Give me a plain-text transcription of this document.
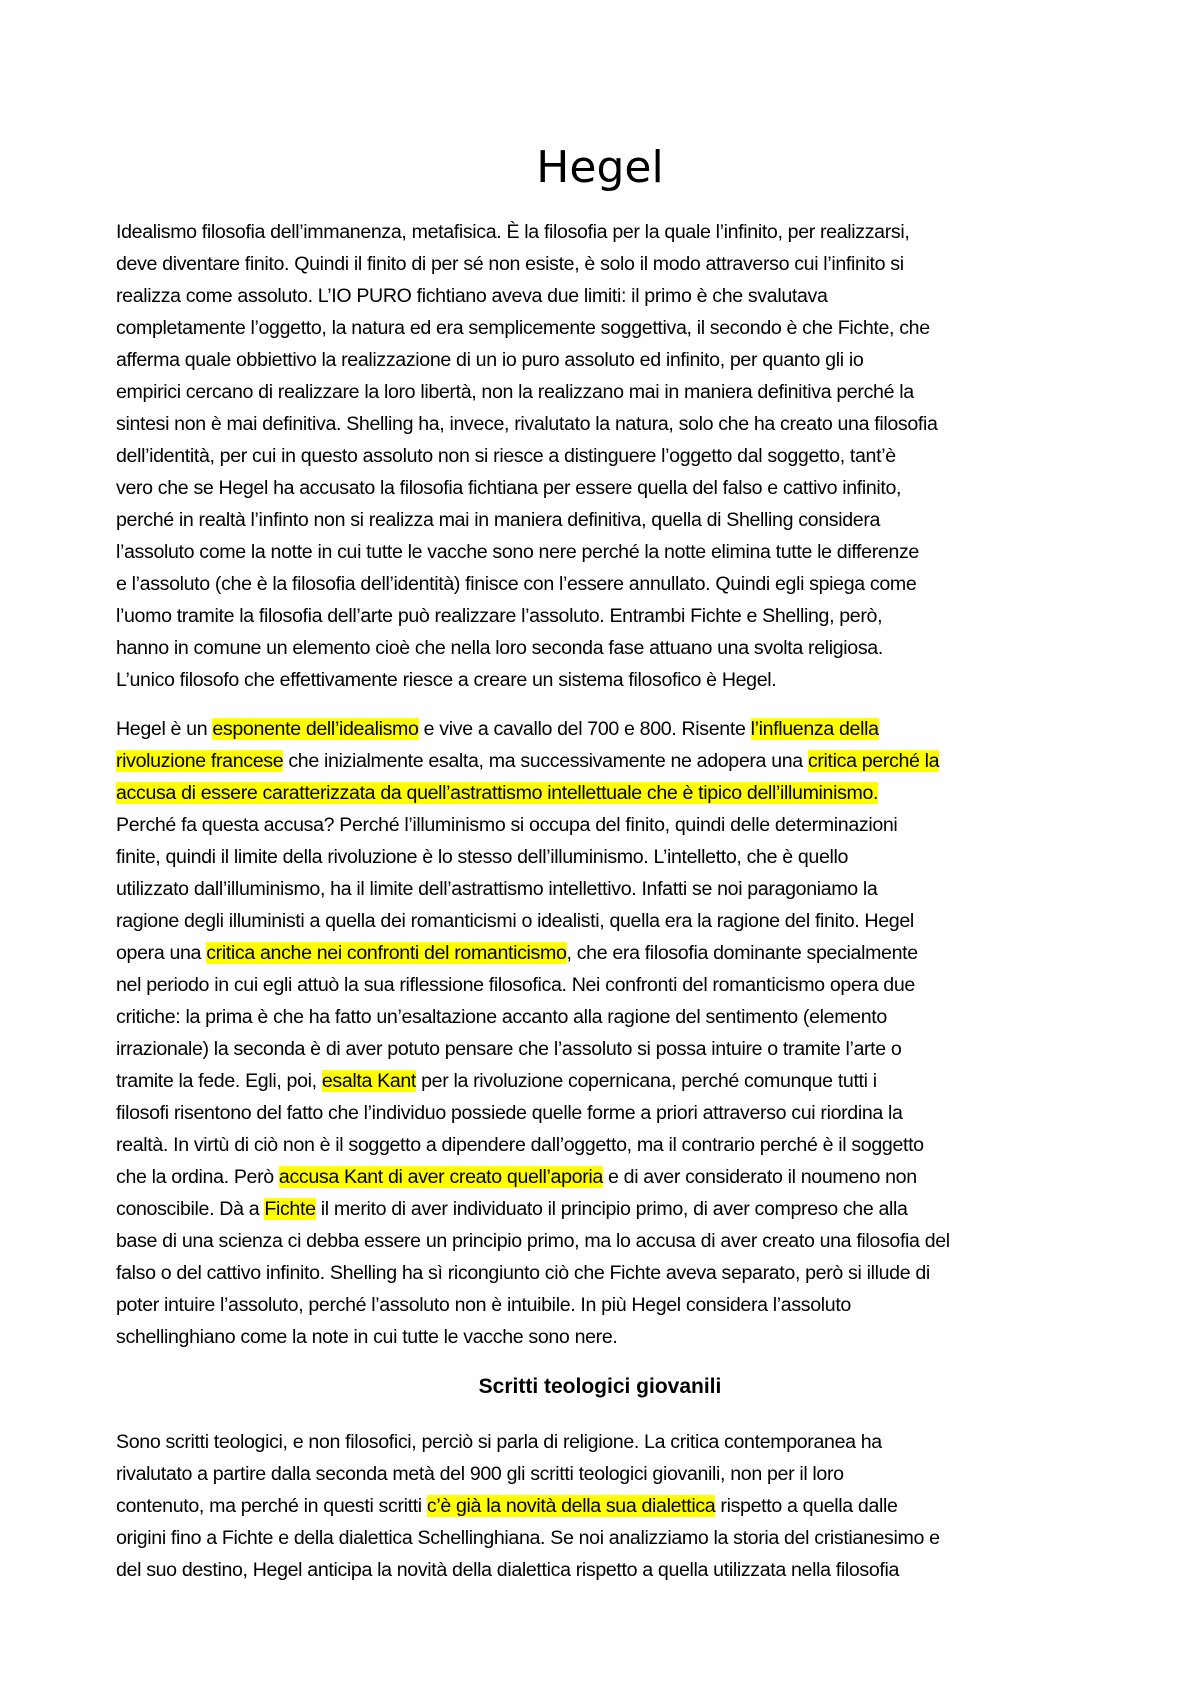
Hegel
Idealismo filosofia dell’immanenza, metafisica. È la filosofia per la quale l’infinito, per realizzarsi,
deve diventare finito. Quindi il finito di per sé non esiste, è solo il modo attraverso cui l’infinito si
realizza come assoluto. L’IO PURO fichtiano aveva due limiti: il primo è che svalutava
completamente l’oggetto, la natura ed era semplicemente soggettiva, il secondo è che Fichte, che
afferma quale obbiettivo la realizzazione di un io puro assoluto ed infinito, per quanto gli io
empirici cercano di realizzare la loro libertà, non la realizzano mai in maniera definitiva perché la
sintesi non è mai definitiva. Shelling ha, invece, rivalutato la natura, solo che ha creato una filosofia
dell’identità, per cui in questo assoluto non si riesce a distinguere l’oggetto dal soggetto, tant’è
vero che se Hegel ha accusato la filosofia fichtiana per essere quella del falso e cattivo infinito,
perché in realtà l’infinto non si realizza mai in maniera definitiva, quella di Shelling considera
l’assoluto come la notte in cui tutte le vacche sono nere perché la notte elimina tutte le differenze
e l’assoluto (che è la filosofia dell’identità) finisce con l’essere annullato. Quindi egli spiega come
l’uomo tramite la filosofia dell’arte può realizzare l’assoluto. Entrambi Fichte e Shelling, però,
hanno in comune un elemento cioè che nella loro seconda fase attuano una svolta religiosa.
L’unico filosofo che effettivamente riesce a creare un sistema filosofico è Hegel.
Hegel è un esponente dell’idealismo e vive a cavallo del 700 e 800. Risente l’influenza della
rivoluzione francese che inizialmente esalta, ma successivamente ne adopera una critica perché la
accusa di essere caratterizzata da quell’astrattismo intellettuale che è tipico dell’illuminismo.
Perché fa questa accusa? Perché l’illuminismo si occupa del finito, quindi delle determinazioni
finite, quindi il limite della rivoluzione è lo stesso dell’illuminismo. L’intelletto, che è quello
utilizzato dall’illuminismo, ha il limite dell’astrattismo intellettivo. Infatti se noi paragoniamo la
ragione degli illuministi a quella dei romanticismi o idealisti, quella era la ragione del finito. Hegel
opera una critica anche nei confronti del romanticismo, che era filosofia dominante specialmente
nel periodo in cui egli attuò la sua riflessione filosofica. Nei confronti del romanticismo opera due
critiche: la prima è che ha fatto un’esaltazione accanto alla ragione del sentimento (elemento
irrazionale) la seconda è di aver potuto pensare che l’assoluto si possa intuire o tramite l’arte o
tramite la fede. Egli, poi, esalta Kant per la rivoluzione copernicana, perché comunque tutti i
filosofi risentono del fatto che l’individuo possiede quelle forme a priori attraverso cui riordina la
realtà. In virtù di ciò non è il soggetto a dipendere dall’oggetto, ma il contrario perché è il soggetto
che la ordina. Però accusa Kant di aver creato quell’aporia e di aver considerato il noumeno non
conoscibile. Dà a Fichte il merito di aver individuato il principio primo, di aver compreso che alla
base di una scienza ci debba essere un principio primo, ma lo accusa di aver creato una filosofia del
falso o del cattivo infinito. Shelling ha sì ricongiunto ciò che Fichte aveva separato, però si illude di
poter intuire l’assoluto, perché l’assoluto non è intuibile. In più Hegel considera l’assoluto
schellinghiano come la note in cui tutte le vacche sono nere.
Scritti teologici giovanili
Sono scritti teologici, e non filosofici, perciò si parla di religione. La critica contemporanea ha
rivalutato a partire dalla seconda metà del 900 gli scritti teologici giovanili, non per il loro
contenuto, ma perché in questi scritti c’è già la novità della sua dialettica rispetto a quella dalle
origini fino a Fichte e della dialettica Schellinghiana. Se noi analizziamo la storia del cristianesimo e
del suo destino, Hegel anticipa la novità della dialettica rispetto a quella utilizzata nella filosofia
